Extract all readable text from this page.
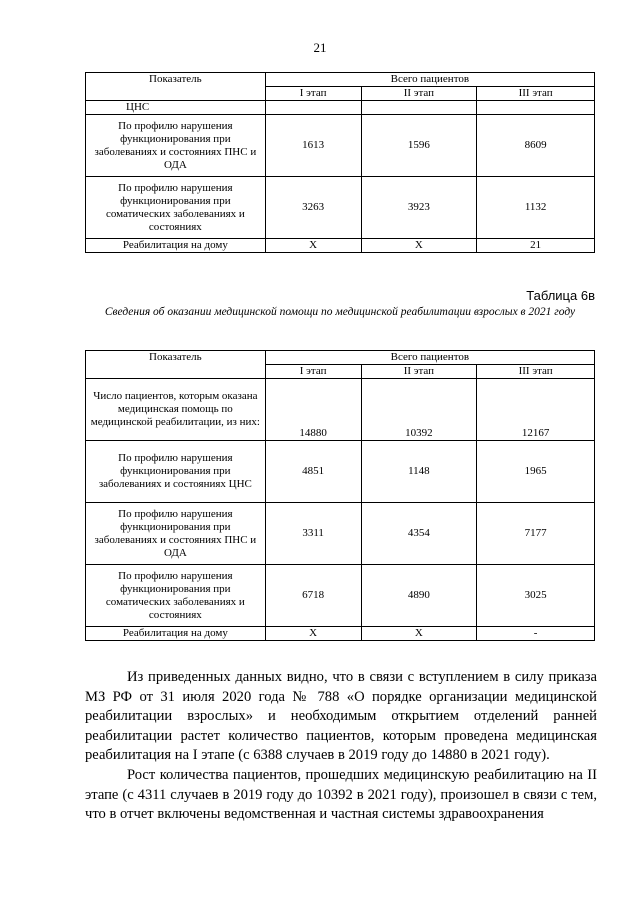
21
Показатель	Всего пациентов		
	I этап	II этап	III этап
ЦНС			
По профилю нарушения функционирования при заболеваниях и состояниях ПНС и ОДА	1613	1596	8609
По профилю нарушения функционирования при соматических заболеваниях и состояниях	3263	3923	1132
Реабилитация на дому	Х	Х	21
Таблица 6в
Сведения об оказании медицинской помощи по медицинской реабилитации взрослых в 2021 году
Показатель	Всего пациентов		
	I этап	II этап	III этап
Число пациентов, которым оказана медицинская помощь по медицинской реабилитации, из них:	14880	10392	12167
По профилю нарушения функционирования при заболеваниях и состояниях ЦНС	4851	1148	1965
По профилю нарушения функционирования при заболеваниях и состояниях ПНС и ОДА	3311	4354	7177
По профилю нарушения функционирования при соматических заболеваниях и состояниях	6718	4890	3025
Реабилитация на дому	Х	Х	-
Из приведенных данных видно, что в связи с вступлением в силу приказа МЗ РФ от 31 июля 2020 года № 788 «О порядке организации медицинской реабилитации взрослых» и необходимым открытием отделений ранней реабилитации растет количество пациентов, которым проведена медицинская реабилитация на I этапе (с 6388 случаев в 2019 году до 14880 в 2021 году).
Рост количества пациентов, прошедших медицинскую реабилитацию на II этапе (с 4311 случаев в 2019 году до 10392 в 2021 году), произошел в связи с тем, что в отчет включены ведомственная и частная системы здравоохранения
